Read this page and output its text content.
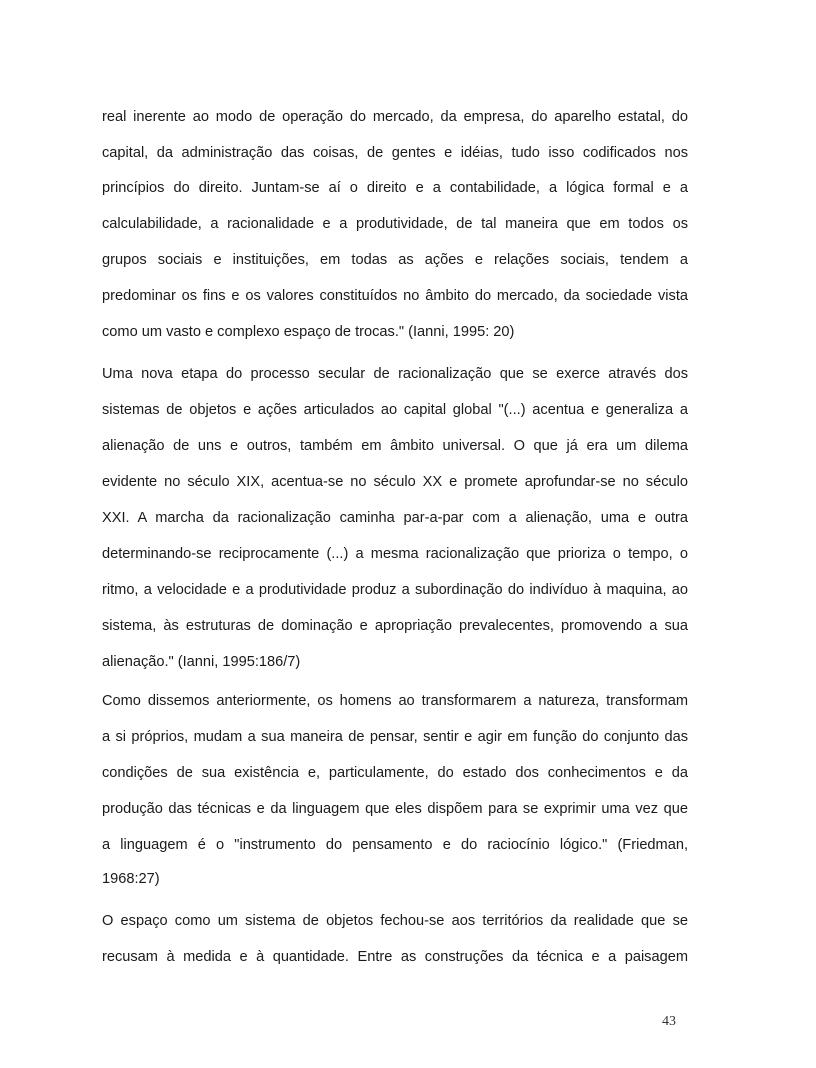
real inerente ao modo de operação do mercado, da empresa, do aparelho estatal, do
capital, da administração das coisas, de gentes e idéias, tudo isso codificados nos
princípios do direito. Juntam-se aí o direito e a contabilidade, a lógica formal e a
calculabilidade, a racionalidade e a produtividade, de tal maneira que em todos os
grupos sociais e instituições, em todas as ações e relações sociais, tendem a
predominar os fins e os valores constituídos no âmbito do mercado, da sociedade vista
como um vasto e complexo espaço de trocas." (Ianni, 1995: 20)
Uma nova etapa do processo secular de racionalização que se exerce através dos
sistemas de objetos e ações articulados ao capital global "(...) acentua e generaliza a
alienação de uns e outros, também em âmbito universal. O que já era um dilema
evidente no século XIX, acentua-se no século XX e promete aprofundar-se no século
XXI. A marcha da racionalização caminha par-a-par com a alienação, uma e outra
determinando-se reciprocamente (...) a mesma racionalização que prioriza o tempo, o
ritmo, a velocidade e a produtividade produz a subordinação do indivíduo à maquina, ao
sistema, às estruturas de dominação e apropriação prevalecentes, promovendo a sua
alienação." (Ianni, 1995:186/7)
Como dissemos anteriormente, os homens ao transformarem a natureza, transformam
a si próprios, mudam a sua maneira de pensar, sentir e agir em função do conjunto das
condições de sua existência e, particulamente, do estado dos conhecimentos e da
produção das técnicas e da linguagem que eles dispõem para se exprimir uma vez que
a linguagem é o "instrumento do pensamento e do raciocínio lógico." (Friedman,
1968:27)
O espaço como um sistema de objetos fechou-se aos territórios da realidade que se
recusam à medida e à quantidade. Entre as construções da técnica e a paisagem
43
